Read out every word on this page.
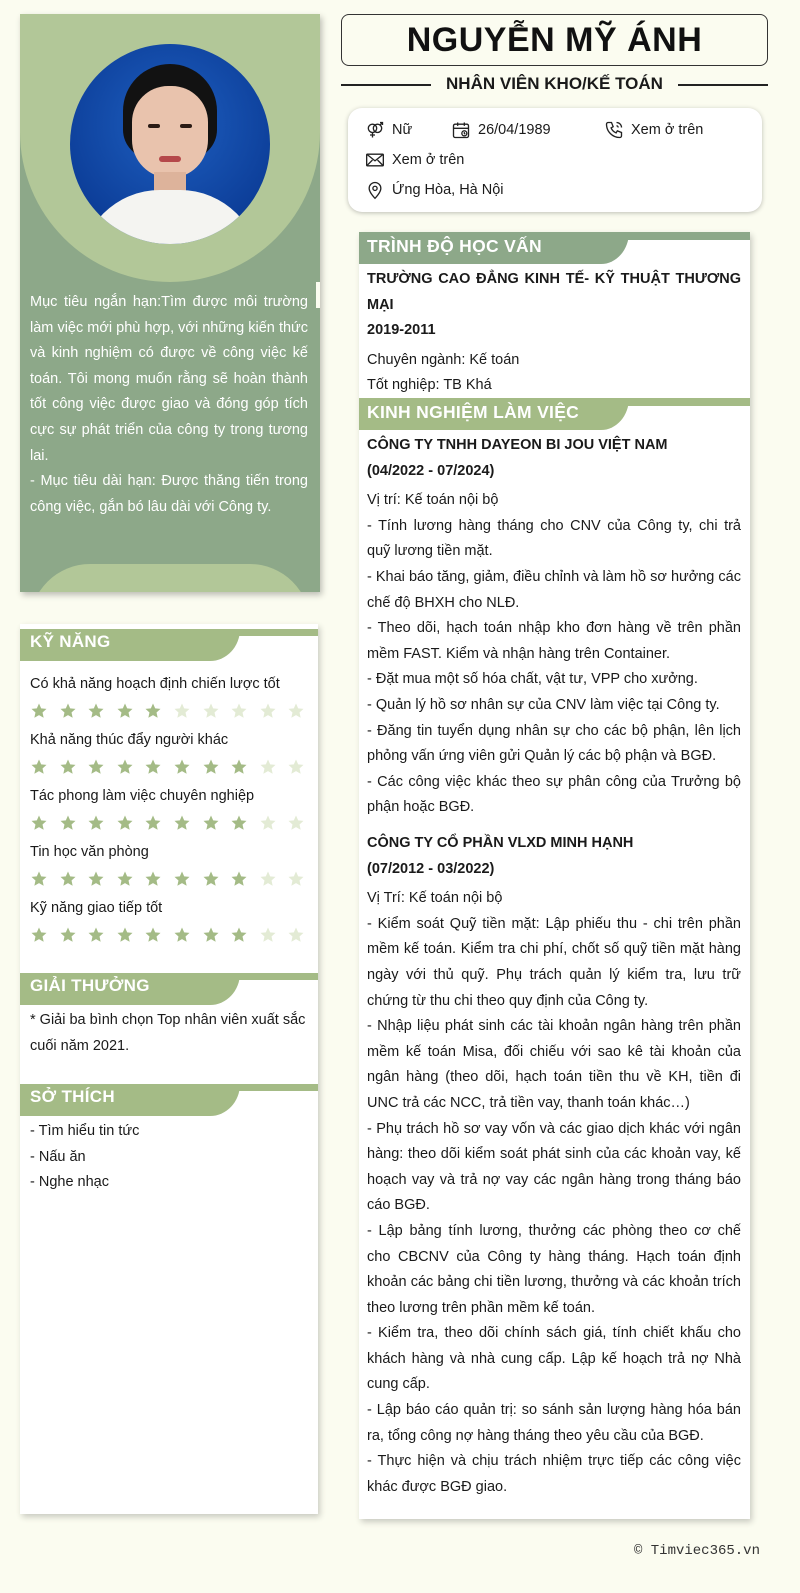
Mục tiêu ngắn hạn:Tìm được môi trường làm việc mới phù hợp, với những kiến thức và kinh nghiệm có được về công việc kế toán. Tôi mong muốn rằng sẽ hoàn thành tốt công việc được giao và đóng góp tích cực sự phát triển của công ty trong tương lai.

- Mục tiêu dài hạn: Được thăng tiến trong công việc, gắn bó lâu dài với Công ty.

KỸ NĂNG
Có khả năng hoạch định chiến lược tốt
Khả năng thúc đẩy người khác
Tác phong làm việc chuyên nghiệp
Tin học văn phòng
Kỹ năng giao tiếp tốt
GIẢI THƯỞNG
* Giải ba bình chọn Top nhân viên xuất sắc cuối năm 2021.
SỞ THÍCH
- Tìm hiểu tin tức
- Nấu ăn
- Nghe nhạc
NGUYỄN MỸ ÁNH
NHÂN VIÊN KHO/KẾ TOÁN
Nữ	26/04/1989	Xem ở trên
Xem ở trên
Ứng Hòa, Hà Nội
TRÌNH ĐỘ HỌC VẤN

TRƯỜNG CAO ĐẲNG KINH TẾ- KỸ THUẬT THƯƠNG MẠI

2019-2011

Chuyên ngành: Kế toán

Tốt nghiệp: TB Khá

KINH NGHIỆM LÀM VIỆC

CÔNG TY TNHH DAYEON BI JOU VIỆT NAM

(04/2022 - 07/2024)

Vị trí: Kế toán nội bộ

- Tính lương hàng tháng cho CNV của Công ty, chi trả quỹ lương tiền mặt.

- Khai báo tăng, giảm, điều chỉnh và làm hồ sơ hưởng các chế độ BHXH cho NLĐ.

- Theo dõi, hạch toán nhập kho đơn hàng về trên phần mềm FAST. Kiểm và nhận hàng trên Container.

- Đặt mua một số hóa chất, vật tư, VPP cho xưởng.

- Quản lý hồ sơ nhân sự của CNV làm việc tại Công ty.

- Đăng tin tuyển dụng nhân sự cho các bộ phận, lên lịch phỏng vấn ứng viên gửi Quản lý các bộ phận và BGĐ.

- Các công việc khác theo sự phân công của Trưởng bộ phận hoặc BGĐ.

CÔNG TY CỔ PHẦN VLXD MINH HẠNH

(07/2012 - 03/2022)

Vị Trí: Kế toán nội bộ

- Kiểm soát Quỹ tiền mặt: Lập phiếu thu - chi trên phần mềm kế toán. Kiểm tra chi phí, chốt số quỹ tiền mặt hàng ngày với thủ quỹ. Phụ trách quản lý kiểm tra, lưu trữ chứng từ thu chi theo quy định của Công ty.

- Nhập liệu phát sinh các tài khoản ngân hàng trên phần mềm kế toán Misa, đối chiếu với sao kê tài khoản của ngân hàng (theo dõi, hạch toán tiền thu về KH, tiền đi UNC trả các NCC, trả tiền vay, thanh toán khác…)

- Phụ trách hồ sơ vay vốn và các giao dịch khác với ngân hàng: theo dõi kiểm soát phát sinh của các khoản vay, kế hoạch vay và trả nợ vay các ngân hàng trong tháng báo cáo BGĐ.

- Lập bảng tính lương, thưởng các phòng theo cơ chế cho CBCNV của Công ty hàng tháng. Hạch toán định khoản các bảng chi tiền lương, thưởng và các khoản trích theo lương trên phần mềm kế toán.

- Kiểm tra, theo dõi chính sách giá, tính chiết khấu cho khách hàng và nhà cung cấp. Lập kế hoạch trả nợ Nhà cung cấp.

- Lập báo cáo quản trị: so sánh sản lượng hàng hóa bán ra, tổng công nợ hàng tháng theo yêu cầu của BGĐ.

- Thực hiện và chịu trách nhiệm trực tiếp các công việc khác được BGĐ giao.

© Timviec365.vn
